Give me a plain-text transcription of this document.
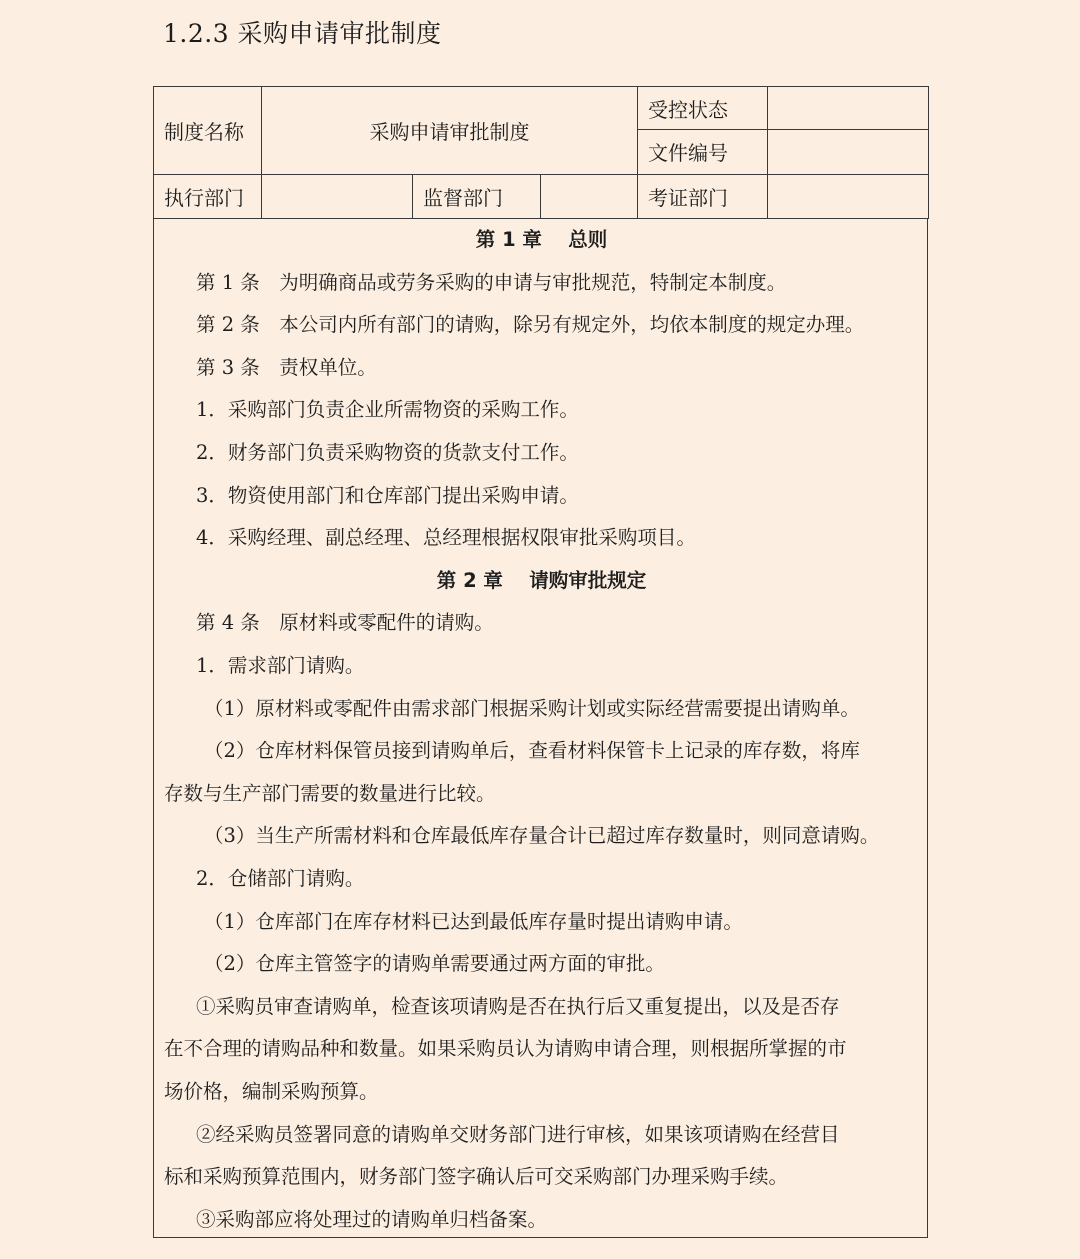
1.2.3 采购申请审批制度
制度名称	采购申请审批制度			受控状态	
				文件编号	
执行部门		监督部门		考证部门	
第 1 章　 总则
第 1 条　为明确商品或劳务采购的申请与审批规范，特制定本制度。
第 2 条　本公司内所有部门的请购，除另有规定外，均依本制度的规定办理。
第 3 条　责权单位。
1．采购部门负责企业所需物资的采购工作。
2．财务部门负责采购物资的货款支付工作。
3．物资使用部门和仓库部门提出采购申请。
4．采购经理、副总经理、总经理根据权限审批采购项目。
第 2 章　 请购审批规定
第 4 条　原材料或零配件的请购。
1．需求部门请购。
（1）原材料或零配件由需求部门根据采购计划或实际经营需要提出请购单。
（2）仓库材料保管员接到请购单后，查看材料保管卡上记录的库存数，将库
存数与生产部门需要的数量进行比较。
（3）当生产所需材料和仓库最低库存量合计已超过库存数量时，则同意请购。
2．仓储部门请购。
（1）仓库部门在库存材料已达到最低库存量时提出请购申请。
（2）仓库主管签字的请购单需要通过两方面的审批。
①采购员审查请购单，检查该项请购是否在执行后又重复提出，以及是否存
在不合理的请购品种和数量。如果采购员认为请购申请合理，则根据所掌握的市
场价格，编制采购预算。
②经采购员签署同意的请购单交财务部门进行审核，如果该项请购在经营目
标和采购预算范围内，财务部门签字确认后可交采购部门办理采购手续。
③采购部应将处理过的请购单归档备案。
